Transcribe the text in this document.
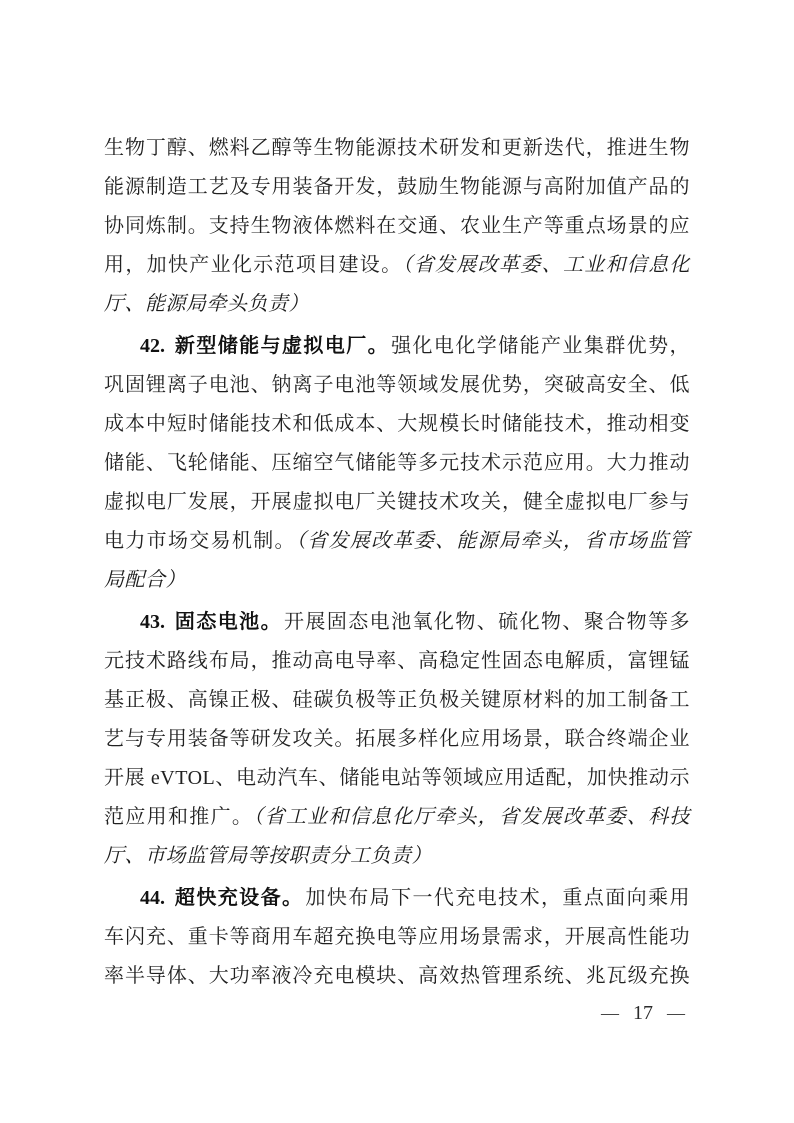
生物丁醇、燃料乙醇等生物能源技术研发和更新迭代，推进生物
能源制造工艺及专用装备开发，鼓励生物能源与高附加值产品的
协同炼制。支持生物液体燃料在交通、农业生产等重点场景的应
用，加快产业化示范项目建设。（省发展改革委、工业和信息化
厅、能源局牵头负责）
42. 新型储能与虚拟电厂。 强化电化学储能产业集群优势，
巩固锂离子电池、钠离子电池等领域发展优势，突破高安全、低
成本中短时储能技术和低成本、大规模长时储能技术，推动相变
储能、飞轮储能、压缩空气储能等多元技术示范应用。大力推动
虚拟电厂发展，开展虚拟电厂关键技术攻关，健全虚拟电厂参与
电力市场交易机制。（省发展改革委、能源局牵头，省市场监管
局配合）
43. 固态电池。 开展固态电池氧化物、硫化物、聚合物等多
元技术路线布局，推动高电导率、高稳定性固态电解质，富锂锰
基正极、高镍正极、硅碳负极等正负极关键原材料的加工制备工
艺与专用装备等研发攻关。拓展多样化应用场景，联合终端企业
开展 eVTOL、电动汽车、储能电站等领域应用适配，加快推动示
范应用和推广。（省工业和信息化厅牵头，省发展改革委、科技
厅、市场监管局等按职责分工负责）
44. 超快充设备。 加快布局下一代充电技术，重点面向乘用
车闪充、重卡等商用车超充换电等应用场景需求，开展高性能功
率半导体、大功率液冷充电模块、高效热管理系统、兆瓦级充换
— 17 —
